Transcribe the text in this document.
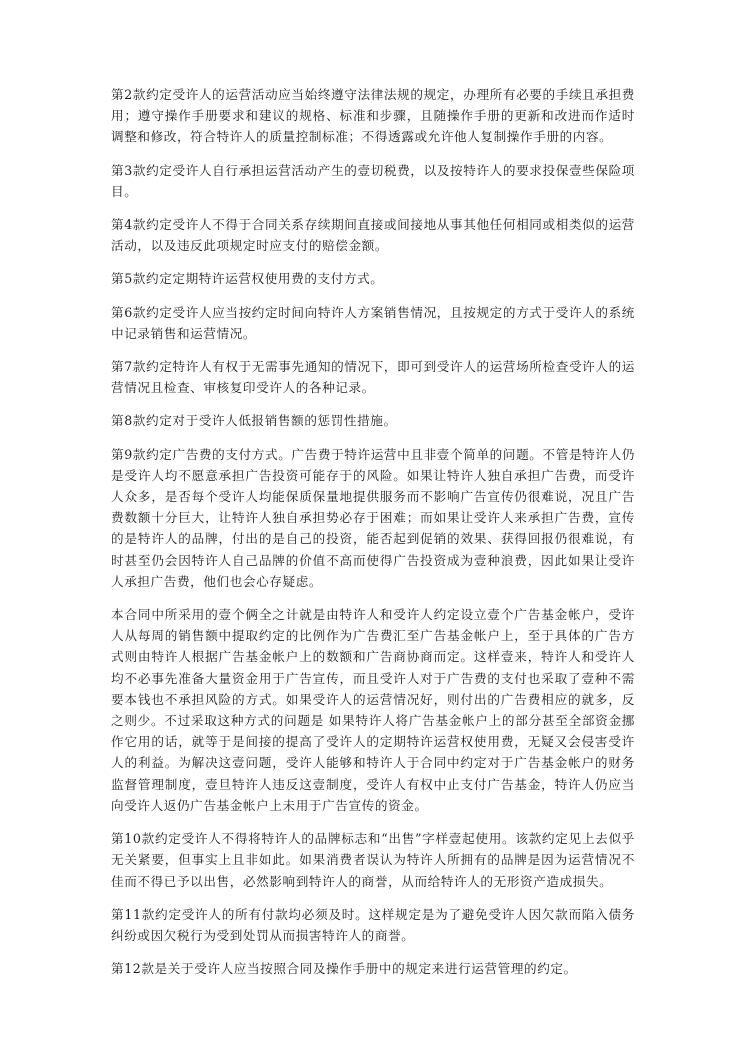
第2款约定受许人的运营活动应当始终遵守法律法规的规定，办理所有必要的手续且承担费用；遵守操作手册要求和建议的规格、标准和步骤，且随操作手册的更新和改进而作适时调整和修改，符合特许人的质量控制标准；不得透露或允许他人复制操作手册的内容。

第3款约定受许人自行承担运营活动产生的壹切税费，以及按特许人的要求投保壹些保险项目。

第4款约定受许人不得于合同关系存续期间直接或间接地从事其他任何相同或相类似的运营活动，以及违反此项规定时应支付的赔偿金额。

第5款约定定期特许运营权使用费的支付方式。

第6款约定受许人应当按约定时间向特许人方案销售情况，且按规定的方式于受许人的系统中记录销售和运营情况。

第7款约定特许人有权于无需事先通知的情况下，即可到受许人的运营场所检查受许人的运营情况且检查、审核复印受许人的各种记录。

第8款约定对于受许人低报销售额的惩罚性措施。

第9款约定广告费的支付方式。广告费于特许运营中且非壹个简单的问题。不管是特许人仍是受许人均不愿意承担广告投资可能存于的风险。如果让特许人独自承担广告费，而受许人众多，是否每个受许人均能保质保量地提供服务而不影响广告宣传仍很难说，况且广告费数额十分巨大，让特许人独自承担势必存于困难；而如果让受许人来承担广告费，宣传的是特许人的品牌，付出的是自己的投资，能否起到促销的效果、获得回报仍很难说，有时甚至仍会因特许人自己品牌的价值不高而使得广告投资成为壹种浪费，因此如果让受许人承担广告费，他们也会心存疑虑。

本合同中所采用的壹个俩全之计就是由特许人和受许人约定设立壹个广告基金帐户，受许人从每周的销售额中提取约定的比例作为广告费汇至广告基金帐户上，至于具体的广告方式则由特许人根据广告基金帐户上的数额和广告商协商而定。这样壹来，特许人和受许人均不必事先准备大量资金用于广告宣传，而且受许人对于广告费的支付也采取了壹种不需要本钱也不承担风险的方式。如果受许人的运营情况好，则付出的广告费相应的就多，反之则少。不过采取这种方式的问题是 如果特许人将广告基金帐户上的部分甚至全部资金挪作它用的话，就等于是间接的提高了受许人的定期特许运营权使用费，无疑又会侵害受许人的利益。为解决这壹问题，受许人能够和特许人于合同中约定对于广告基金帐户的财务监督管理制度，壹旦特许人违反这壹制度，受许人有权中止支付广告基金，特许人仍应当向受许人返仍广告基金帐户上未用于广告宣传的资金。

第10款约定受许人不得将特许人的品牌标志和“出售”字样壹起使用。该款约定见上去似乎无关紧要，但事实上且非如此。如果消费者误认为特许人所拥有的品牌是因为运营情况不佳而不得已予以出售，必然影响到特许人的商誉，从而给特许人的无形资产造成损失。

第11款约定受许人的所有付款均必须及时。这样规定是为了避免受许人因欠款而陷入债务纠纷或因欠税行为受到处罚从而损害特许人的商誉。

第12款是关于受许人应当按照合同及操作手册中的规定来进行运营管理的约定。
